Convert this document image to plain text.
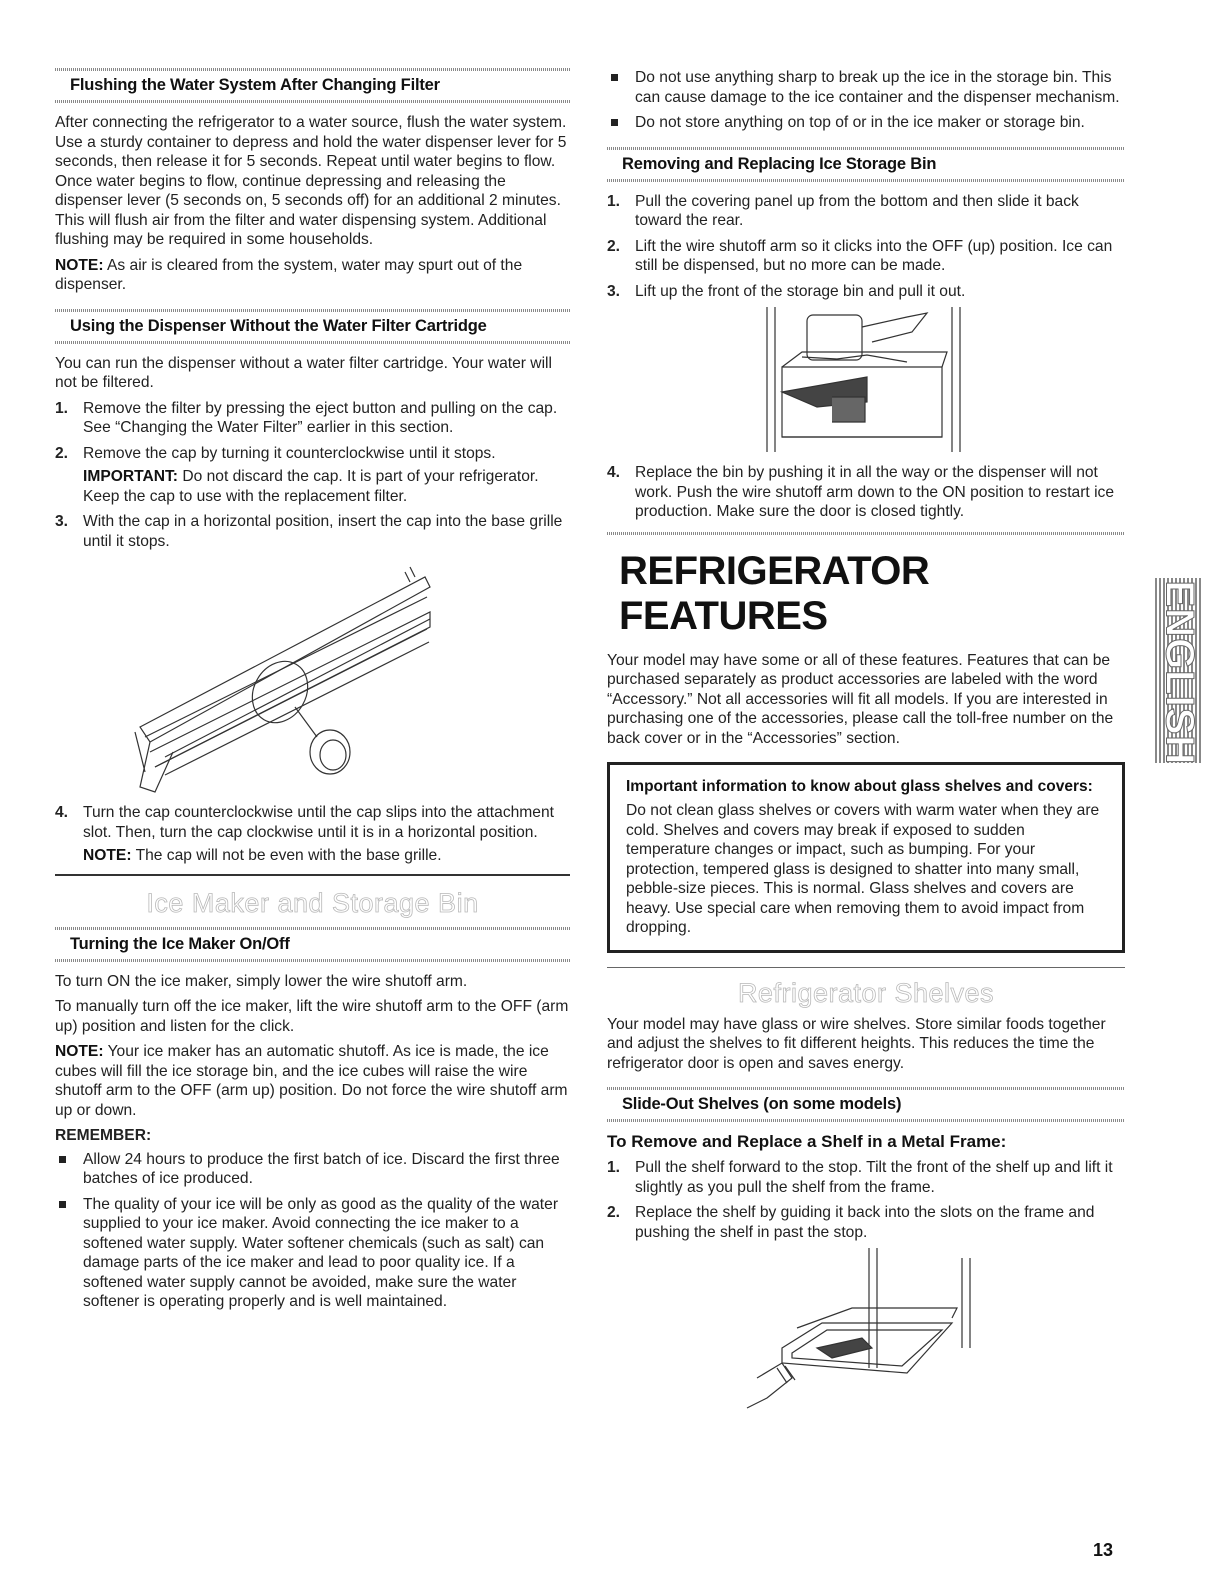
Flushing the Water System After Changing Filter

After connecting the refrigerator to a water source, flush the water system. Use a sturdy container to depress and hold the water dispenser lever for 5 seconds, then release it for 5 seconds. Repeat until water begins to flow. Once water begins to flow, continue depressing and releasing the dispenser lever (5 seconds on, 5 seconds off) for an additional 2 minutes. This will flush air from the filter and water dispensing system. Additional flushing may be required in some households.

NOTE: As air is cleared from the system, water may spurt out of the dispenser.

Using the Dispenser Without the Water Filter Cartridge

You can run the dispenser without a water filter cartridge. Your water will not be filtered.

1. Remove the filter by pressing the eject button and pulling on the cap. See “Changing the Water Filter” earlier in this section.
2. Remove the cap by turning it counterclockwise until it stops.
IMPORTANT: Do not discard the cap. It is part of your refrigerator. Keep the cap to use with the replacement filter.
3. With the cap in a horizontal position, insert the cap into the base grille until it stops.
4. Turn the cap counterclockwise until the cap slips into the attachment slot. Then, turn the cap clockwise until it is in a horizontal position.
NOTE: The cap will not be even with the base grille.
Ice Maker and Storage Bin
Turning the Ice Maker On/Off

To turn ON the ice maker, simply lower the wire shutoff arm.

To manually turn off the ice maker, lift the wire shutoff arm to the OFF (arm up) position and listen for the click.

NOTE: Your ice maker has an automatic shutoff. As ice is made, the ice cubes will fill the ice storage bin, and the ice cubes will raise the wire shutoff arm to the OFF (arm up) position. Do not force the wire shutoff arm up or down.

REMEMBER:

Allow 24 hours to produce the first batch of ice. Discard the first three batches of ice produced.
The quality of your ice will be only as good as the quality of the water supplied to your ice maker. Avoid connecting the ice maker to a softened water supply. Water softener chemicals (such as salt) can damage parts of the ice maker and lead to poor quality ice. If a softened water supply cannot be avoided, make sure the water softener is operating properly and is well maintained.
Do not use anything sharp to break up the ice in the storage bin. This can cause damage to the ice container and the dispenser mechanism.
Do not store anything on top of or in the ice maker or storage bin.
Removing and Replacing Ice Storage Bin
1. Pull the covering panel up from the bottom and then slide it back toward the rear.
2. Lift the wire shutoff arm so it clicks into the OFF (up) position. Ice can still be dispensed, but no more can be made.
3. Lift up the front of the storage bin and pull it out.
4. Replace the bin by pushing it in all the way or the dispenser will not work. Push the wire shutoff arm down to the ON position to restart ice production. Make sure the door is closed tightly.
REFRIGERATOR FEATURES

Your model may have some or all of these features. Features that can be purchased separately as product accessories are labeled with the word “Accessory.” Not all accessories will fit all models. If you are interested in purchasing one of the accessories, please call the toll-free number on the back cover or in the “Accessories” section.

Important information to know about glass shelves and covers:

Do not clean glass shelves or covers with warm water when they are cold. Shelves and covers may break if exposed to sudden temperature changes or impact, such as bumping. For your protection, tempered glass is designed to shatter into many small, pebble-size pieces. This is normal. Glass shelves and covers are heavy. Use special care when removing them to avoid impact from dropping.

Refrigerator Shelves

Your model may have glass or wire shelves. Store similar foods together and adjust the shelves to fit different heights. This reduces the time the refrigerator door is open and saves energy.

Slide-Out Shelves (on some models)
To Remove and Replace a Shelf in a Metal Frame:
1. Pull the shelf forward to the stop. Tilt the front of the shelf up and lift it slightly as you pull the shelf from the frame.
2. Replace the shelf by guiding it back into the slots on the frame and pushing the shelf in past the stop.
ENGLISH
13
